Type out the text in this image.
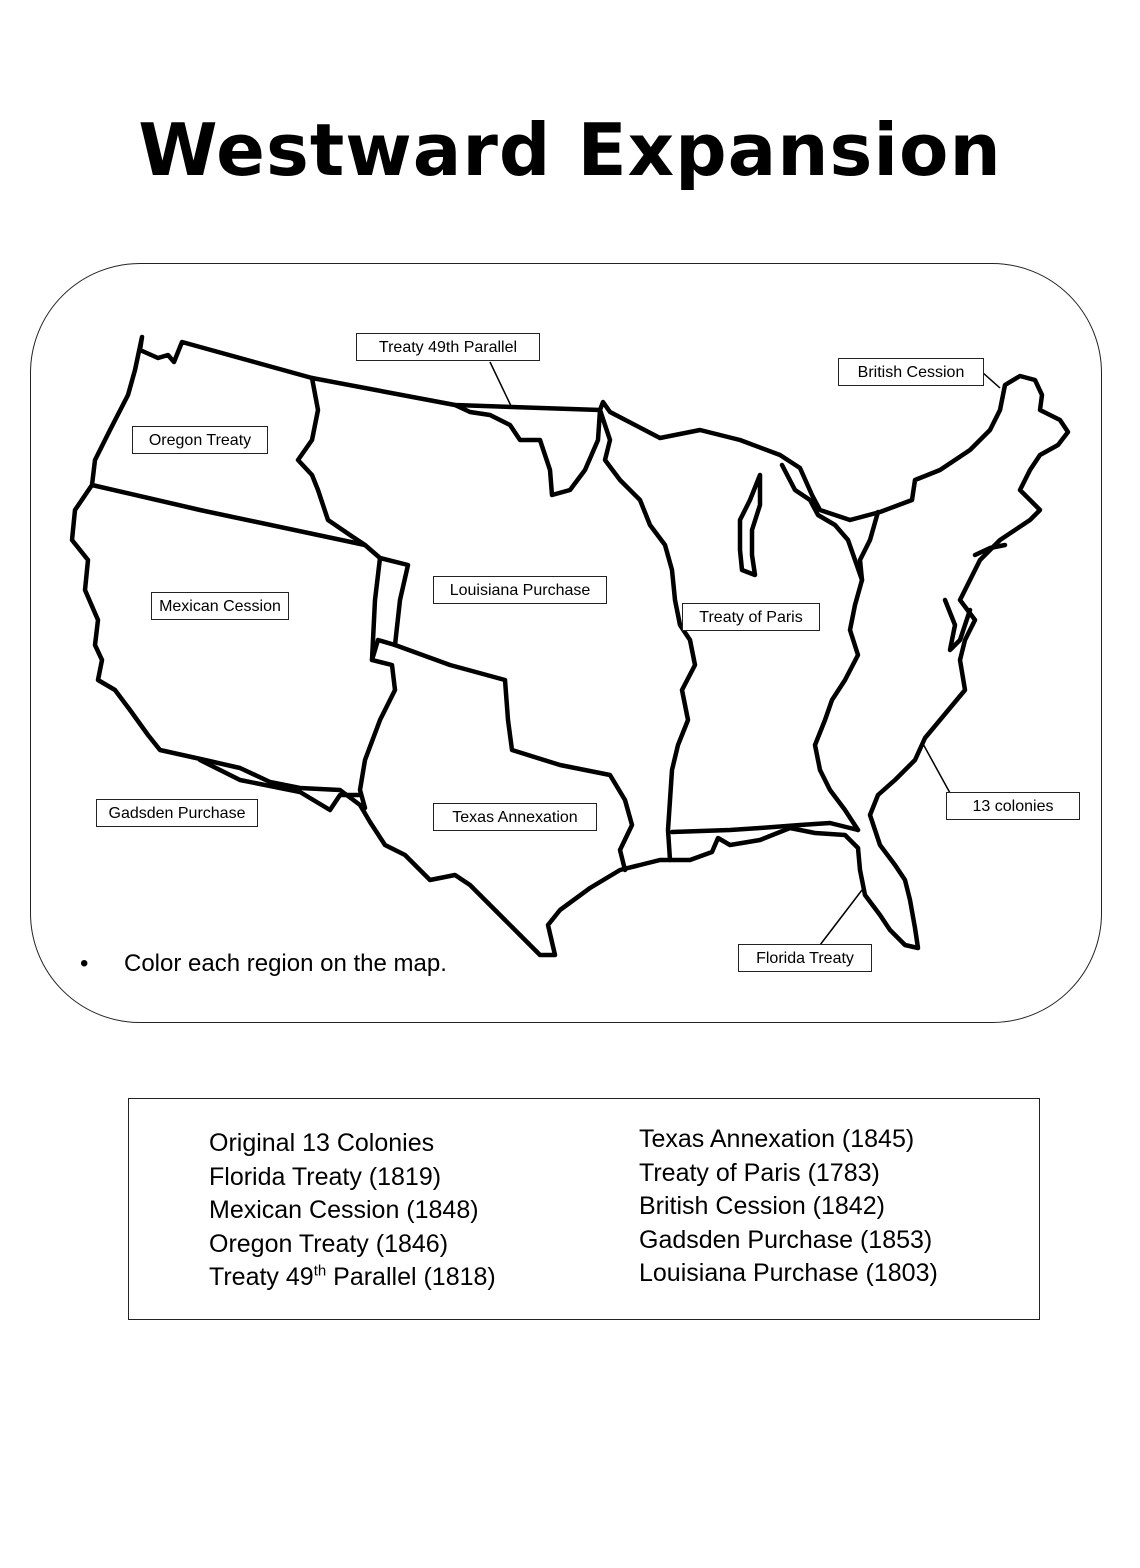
Westward Expansion
Treaty 49th Parallel
British Cession
Oregon Treaty
Mexican Cession
Louisiana Purchase
Treaty of Paris
13 colonies
Gadsden Purchase	Texas Annexation
Florida Treaty
• Color each region on the map.
Original 13 Colonies
Florida Treaty (1819)
Mexican Cession (1848)
Oregon Treaty (1846)
Treaty 49th Parallel (1818)
Texas Annexation (1845)
Treaty of Paris (1783)
British Cession (1842)
Gadsden Purchase (1853)
Louisiana Purchase (1803)
